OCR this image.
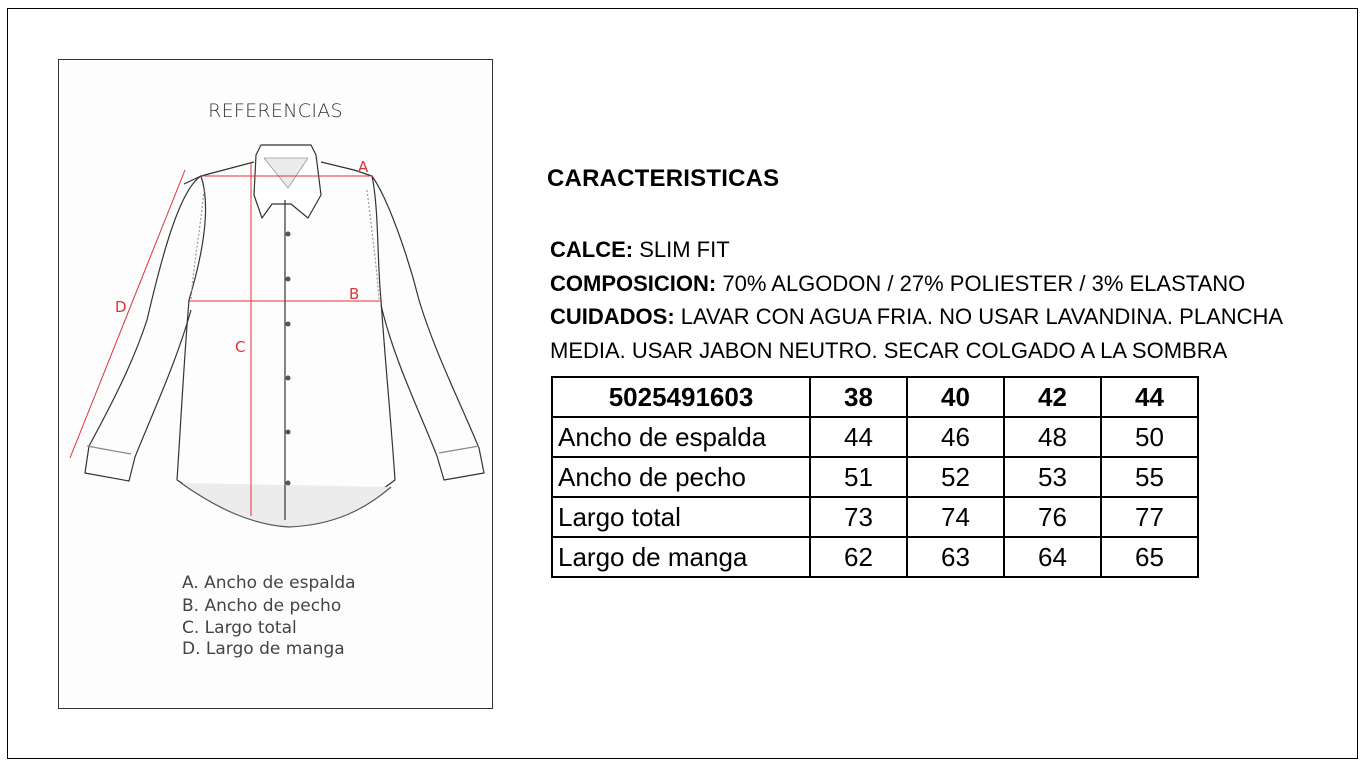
REFERENCIAS
A
B
C
D
A. Ancho de espalda
B. Ancho de pecho
C. Largo total
D. Largo de manga
CARACTERISTICAS
CALCE: SLIM FIT
COMPOSICION: 70% ALGODON / 27% POLIESTER / 3% ELASTANO
CUIDADOS: LAVAR CON AGUA FRIA. NO USAR LAVANDINA. PLANCHA
MEDIA. USAR JABON NEUTRO. SECAR COLGADO A LA SOMBRA
5025491603	38	40	42	44
Ancho de espalda	44	46	48	50
Ancho de pecho	51	52	53	55
Largo total	73	74	76	77
Largo de manga	62	63	64	65
